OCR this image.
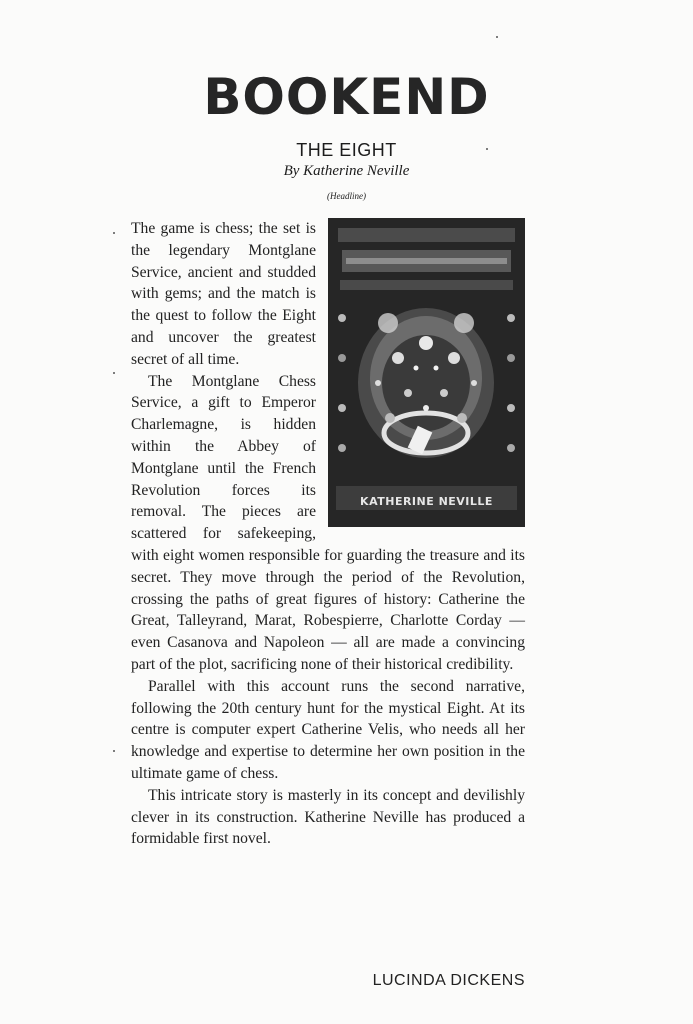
BOOKEND
THE EIGHT
By Katherine Neville
(Headline)
KATHERINE NEVILLE

The game is chess; the set is the legendary Montglane Service, ancient and studded with gems; and the match is the quest to follow the Eight and uncover the greatest secret of all time.

The Montglane Chess Service, a gift to Emperor Charlemagne, is hidden within the Abbey of Montglane until the French Revolution forces its removal. The pieces are scattered for safekeeping, with eight women responsible for guarding the treasure and its secret. They move through the period of the Revolution, crossing the paths of great figures of history: Catherine the Great, Talleyrand, Marat, Robespierre, Charlotte Corday — even Casanova and Napoleon — all are made a convincing part of the plot, sacrificing none of their historical credibility.

Parallel with this account runs the second narrative, following the 20th century hunt for the mystical Eight. At its centre is computer expert Catherine Velis, who needs all her knowledge and expertise to determine her own position in the ultimate game of chess.

This intricate story is masterly in its concept and devilishly clever in its construction. Katherine Neville has produced a formidable first novel.

LUCINDA DICKENS
